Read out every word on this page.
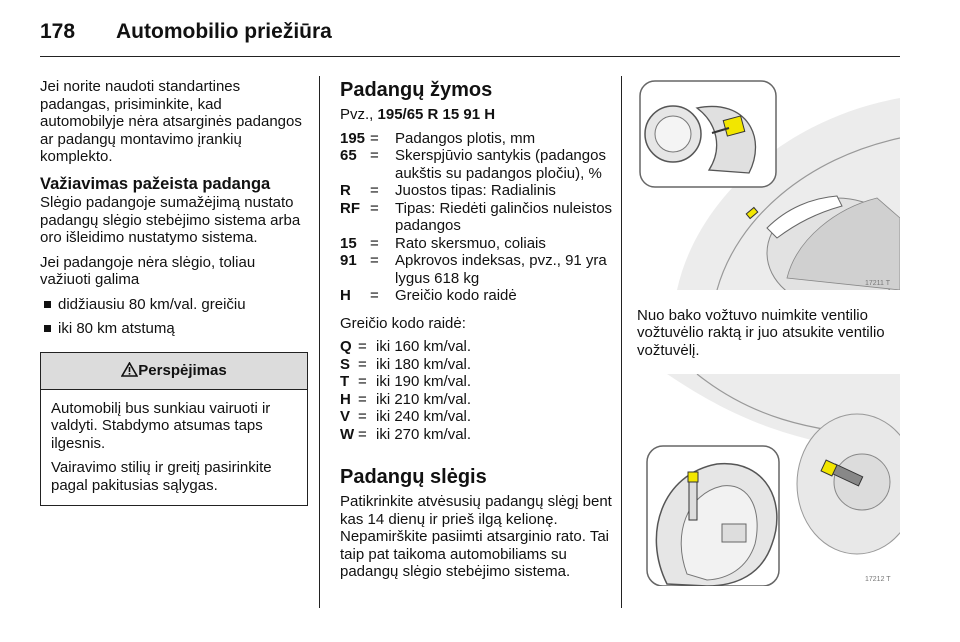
178 Automobilio priežiūra

Jei norite naudoti standartines padangas, prisiminkite, kad automobilyje nėra atsarginės padangos ar padangų montavimo įrankių komplekto.

Važiavimas pažeista padanga

Slėgio padangoje sumažėjimą nustato padangų slėgio stebėjimo sistema arba oro išleidimo nustatymo sistema.

Jei padangoje nėra slėgio, toliau važiuoti galima

didžiausiu 80 km/val. greičiu
iki 80 km atstumą
Perspėjimas

Automobilį bus sunkiau vairuoti ir valdyti. Stabdymo atsumas taps ilgesnis.

Vairavimo stilių ir greitį pasirinkite pagal pakitusias sąlygas.

Padangų žymos

Pvz., 195/65 R 15 91 H

195 =	Padangos plotis, mm
65 =	Skerspjūvio santykis (padangos aukštis su padangos pločiu), %
R	=	Juostos tipas: Radialinis
RF =	Tipas: Riedėti galinčios nuleistos padangos
15 =	Rato skersmuo, coliais
91 =	Apkrovos indeksas, pvz., 91 yra lygus 618 kg
H	=	Greičio kodo raidė

Greičio kodo raidė:

Q = iki 160 km/val.
S = iki 180 km/val.
T = iki 190 km/val.
H = iki 210 km/val.
V = iki 240 km/val.
W = iki 270 km/val.
Padangų slėgis

Patikrinkite atvėsusių padangų slėgį bent kas 14 dienų ir prieš ilgą kelionę. Nepamirškite pasiimti atsarginio rato. Tai taip pat taikoma automobiliams su padangų slėgio stebėjimo sistema.

17211 T

Nuo bako vožtuvo nuimkite ventilio vožtuvėlio raktą ir juo atsukite ventilio vožtuvėlį.

17212 T
